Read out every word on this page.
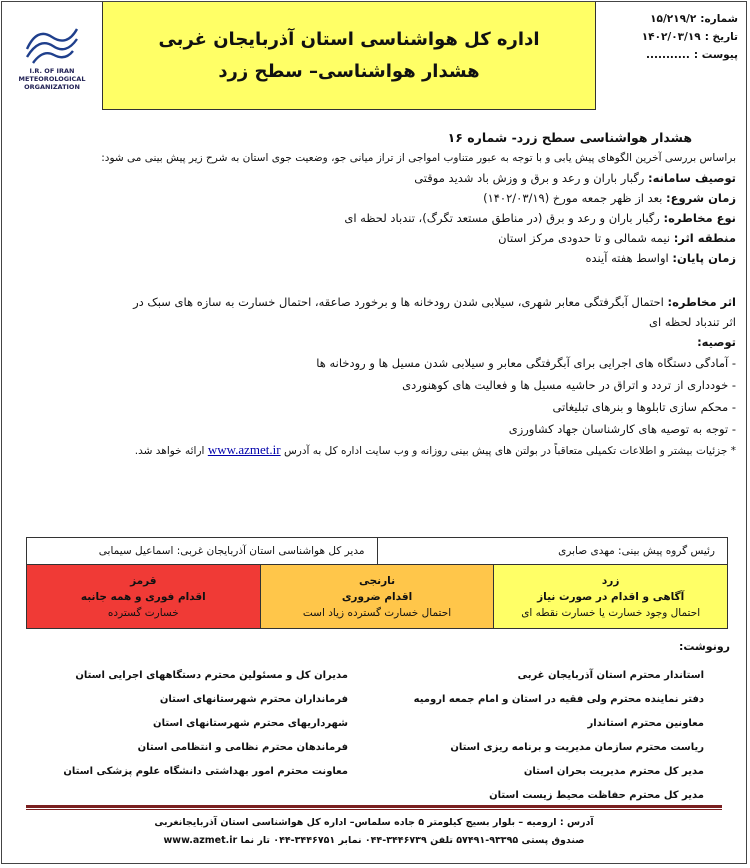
I.R. OF IRAN
METEOROLOGICAL
ORGANIZATION
اداره کل هواشناسی استان آذربایجان غربی
هشدار هواشناسی– سطح زرد
شماره:
۱۵/۲۱۹/۲
تاریخ :
۱۴۰۲/۰۳/۱۹
پیوست :
...........
هشدار هواشناسی سطح زرد- شماره ۱۶
براساس بررسی آخرین الگوهای پیش یابی و با توجه به عبور متناوب امواجی از تراز میانی جو، وضعیت جوی استان به شرح زیر پیش بینی می شود:
توصیف سامانه: رگبار باران و رعد و برق و وزش باد شدید موقتی
زمان شروع: بعد از ظهر جمعه مورخ (۱۴۰۲/۰۳/۱۹)
نوع مخاطره: رگبار باران و رعد و برق (در مناطق مستعد تگرگ)، تندباد لحظه ای
منطقه اثر: نیمه شمالی و تا حدودی مرکز استان
زمان پایان: اواسط هفته آینده
اثر مخاطره: احتمال آبگرفتگی معابر شهری، سیلابی شدن رودخانه ها و برخورد صاعقه، احتمال خسارت به سازه های سبک در
اثر تندباد لحظه ای
توصیه:
- آمادگی دستگاه های اجرایی برای آبگرفتگی معابر و سیلابی شدن مسیل ها و رودخانه ها
- خودداری از تردد و اتراق در حاشیه مسیل ها و فعالیت های کوهنوردی
- محکم سازی تابلوها و بنرهای تبلیغاتی
- توجه به توصیه های کارشناسان جهاد کشاورزی
* جزئیات بیشتر و اطلاعات تکمیلی متعاقباً در بولتن های پیش بینی روزانه و وب سایت اداره کل به آدرس www.azmet.ir ارائه خواهد شد.
رئیس گروه پیش بینی: مهدی صابری
مدیر کل هواشناسی استان آذربایجان غربی: اسماعیل سیمابی
زرد
آگاهی و اقدام در صورت نیاز
احتمال وجود خسارت یا خسارت نقطه ای
نارنجی
اقدام ضروری
احتمال خسارت گسترده زیاد است
قرمز
اقدام فوری و همه جانبه
خسارت گسترده
رونوشت:
استاندار محترم استان آذربایجان غربی
دفتر نماینده محترم ولی فقیه در استان و امام جمعه ارومیه
معاونین محترم استاندار
ریاست محترم سازمان مدیریت و برنامه ریزی استان
مدیر کل محترم مدیریت بحران استان
مدیر کل محترم حفاظت محیط زیست استان
مدیران کل و مسئولین محترم دستگاههای اجرایی استان
فرمانداران محترم شهرستانهای استان
شهرداریهای محترم شهرستانهای استان
فرماندهان محترم نظامی و انتظامی استان
معاونت محترم امور بهداشتی دانشگاه علوم پزشکی استان
آدرس : ارومیه – بلوار بسیج کیلومتر ۵ جاده سلماس– اداره کل هواشناسی استان آذربایجانغربی
صندوق پستی ۹۳۳۹۵-۵۷۴۹۱ تلفن ۳۴۴۶۷۳۹-۰۴۴ نمابر ۳۴۴۶۷۵۱-۰۴۴ تار نما www.azmet.ir
